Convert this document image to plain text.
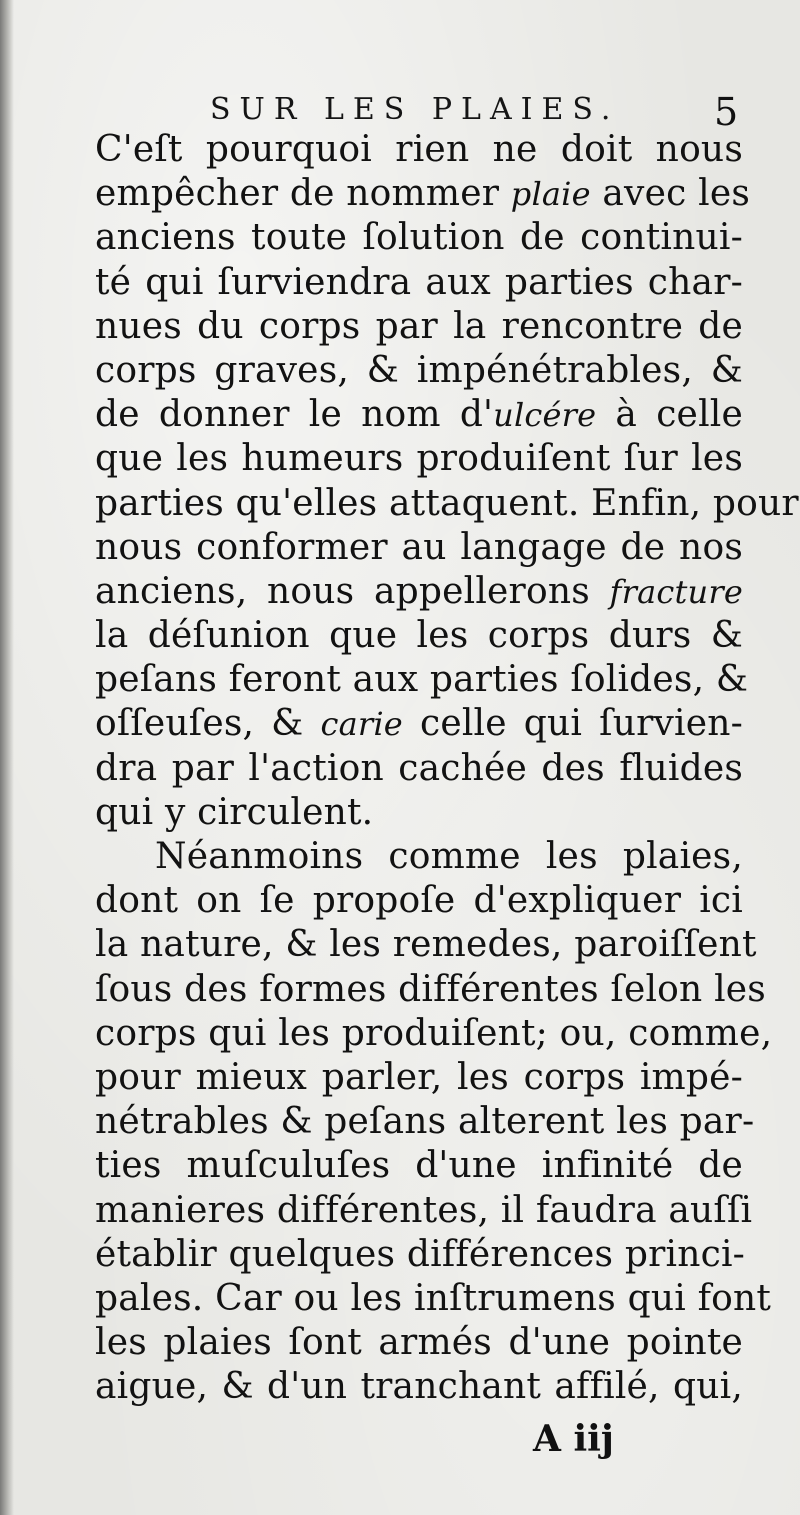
SUR LES PLAIES. 5
C'eſt pourquoi rien ne doit nous
empêcher de nommer plaie avec les
anciens toute ſolution de continui-
té qui ſurviendra aux parties char-
nues du corps par la rencontre de
corps graves, & impénétrables, &
de donner le nom d'ulcére à celle
que les humeurs produiſent ſur les
parties qu'elles attaquent. Enfin, pour
nous conformer au langage de nos
anciens, nous appellerons fracture
la déſunion que les corps durs &
peſans feront aux parties ſolides, &
oſſeuſes, & carie celle qui ſurvien-
dra par l'action cachée des fluides
qui y circulent.
Néanmoins comme les plaies,
dont on ſe propoſe d'expliquer ici
la nature, & les remedes, paroiſſent
ſous des formes différentes ſelon les
corps qui les produiſent; ou, comme,
pour mieux parler, les corps impé-
nétrables & peſans alterent les par-
ties muſculuſes d'une infinité de
manieres différentes, il faudra auſſi
établir quelques différences princi-
pales. Car ou les inſtrumens qui font
les plaies ſont armés d'une pointe
aigue, & d'un tranchant affilé, qui,
A iij
